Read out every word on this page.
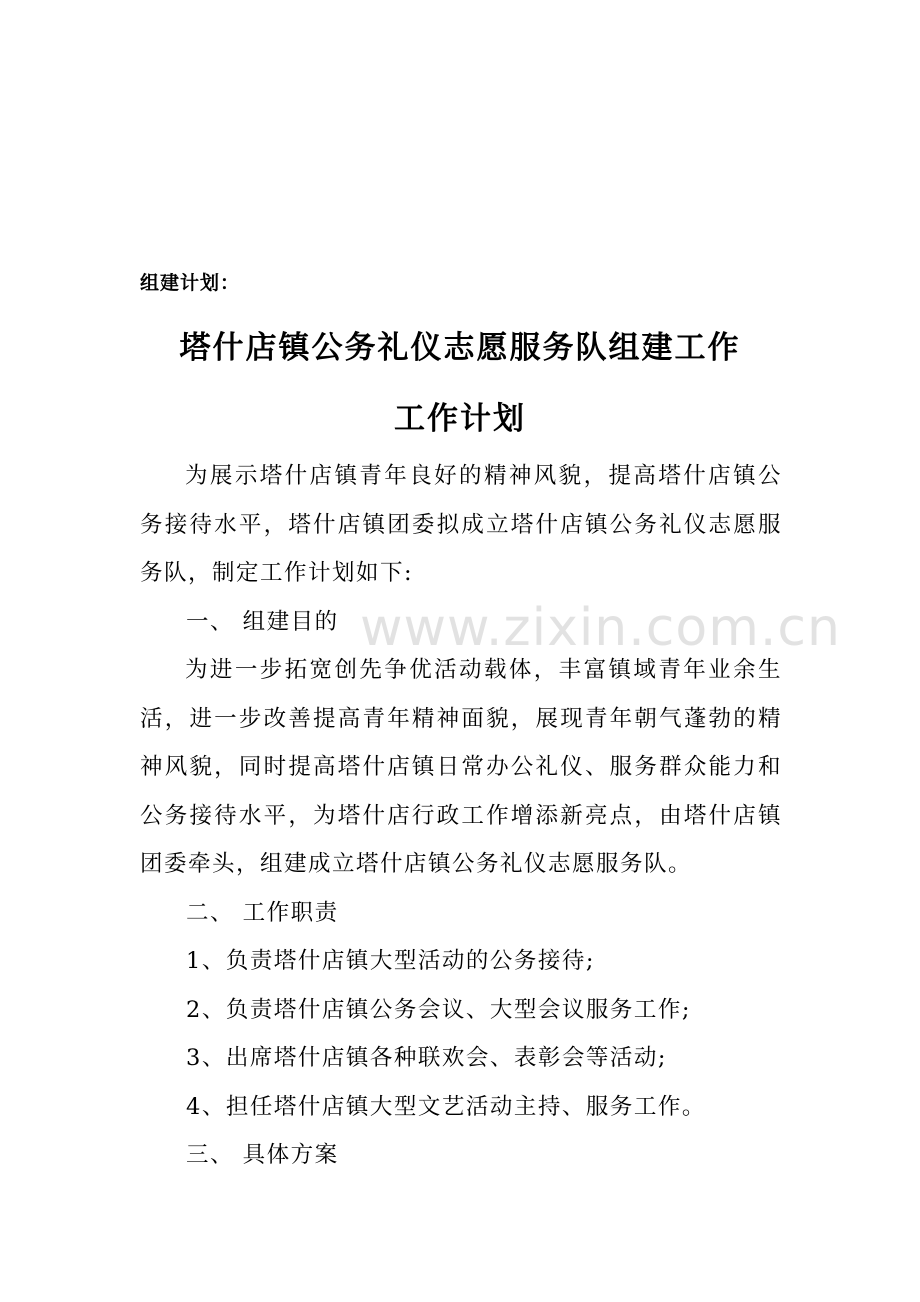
www.zixin.com.cn
组建计划：
塔什店镇公务礼仪志愿服务队组建工作
工作计划

为展示塔什店镇青年良好的精神风貌，提高塔什店镇公务接待水平，塔什店镇团委拟成立塔什店镇公务礼仪志愿服务队，制定工作计划如下:

一、 组建目的

为进一步拓宽创先争优活动载体，丰富镇域青年业余生活，进一步改善提高青年精神面貌，展现青年朝气蓬勃的精神风貌，同时提高塔什店镇日常办公礼仪、服务群众能力和公务接待水平，为塔什店行政工作增添新亮点，由塔什店镇团委牵头，组建成立塔什店镇公务礼仪志愿服务队。

二、 工作职责

1、负责塔什店镇大型活动的公务接待;

2、负责塔什店镇公务会议、大型会议服务工作;

3、出席塔什店镇各种联欢会、表彰会等活动;

4、担任塔什店镇大型文艺活动主持、服务工作。

三、 具体方案
